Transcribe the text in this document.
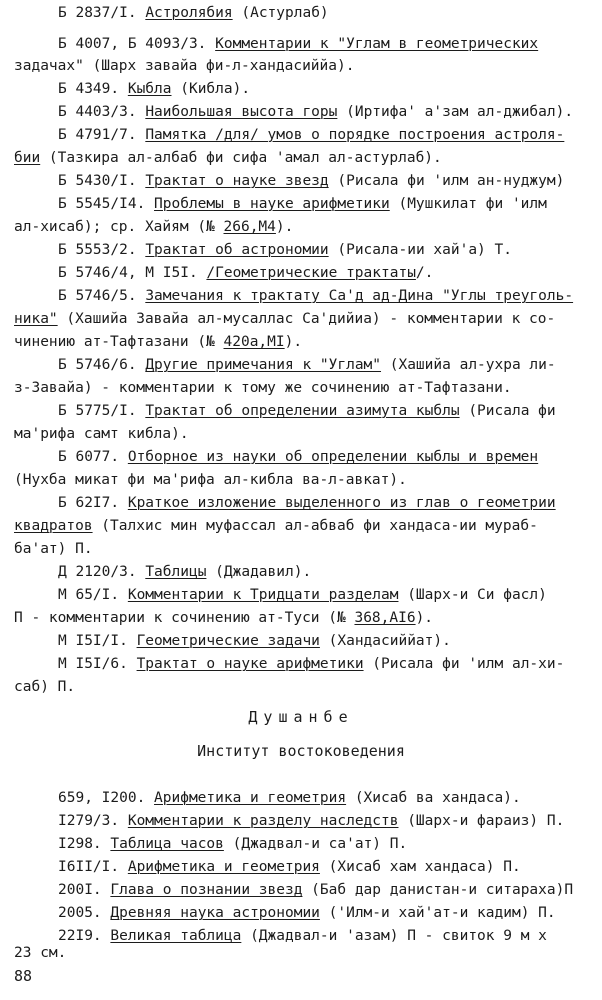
Б 2837/I. Астролябия (Астурлаб)
Б 4007, Б 4093/3. Комментарии к "Углам в геометрических
задачах" (Шарх завайа фи-л-хандасиййа).
Б 4349. Кыбла (Кибла).
Б 4403/3. Наибольшая высота горы (Иртифа' а'зам ал-джибал).
Б 4791/7. Памятка /для/ умов о порядке построения астроля-
бии (Тазкира ал-албаб фи сифа 'амал ал-астурлаб).
Б 5430/I. Трактат о науке звезд (Рисала фи 'илм ан-нуджум)
Б 5545/I4. Проблемы в науке арифметики (Мушкилат фи 'илм
ал-хисаб); ср. Хайям (№ 266,М4).
Б 5553/2. Трактат об астрономии (Рисала-ии хай'а) Т.
Б 5746/4, М I5I. /Геометрические трактаты/.
Б 5746/5. Замечания к трактату Са'д ад-Дина "Углы треуголь-
ника" (Хашийа Завайа ал-мусаллас Са'дийиа) - комментарии к со-
чинению ат-Тафтазани (№ 420а,МI).
Б 5746/6. Другие примечания к "Углам" (Хашийа ал-ухра ли-
з-Завайа) - комментарии к тому же сочинению ат-Тафтазани.
Б 5775/I. Трактат об определении азимута кыблы (Рисала фи
ма'рифа самт кибла).
Б 6077. Отборное из науки об определении кыблы и времен
(Нухба микат фи ма'рифа ал-кибла ва-л-авкат).
Б 62I7. Краткое изложение выделенного из глав о геометрии
квадратов (Талхис мин муфассал ал-абваб фи хандаса-ии мураб-
ба'ат) П.
Д 2120/3. Таблицы (Джадавил).
М 65/I. Комментарии к Тридцати разделам (Шарх-и Си фасл)
П - комментарии к сочинению ат-Туси (№ 368,АI6).
М I5I/I. Геометрические задачи (Хандасиййат).
М I5I/6. Трактат о науке арифметики (Рисала фи 'илм ал-хи-
саб) П.
Душанбе
Институт востоковедения
659, I200. Арифметика и геометрия (Хисаб ва хандаса).
I279/3. Комментарии к разделу наследств (Шарх-и фараиз) П.
I298. Таблица часов (Джадвал-и са'ат) П.
I6II/I. Арифметика и геометрия (Хисаб хам хандаса) П.
200I. Глава о познании звезд (Баб дар данистан-и ситараха)П
2005. Древняя наука астрономии ('Илм-и хай'ат-и кадим) П.
22I9. Великая таблица (Джадвал-и 'азам) П - свиток 9 м х
23 см.
88
